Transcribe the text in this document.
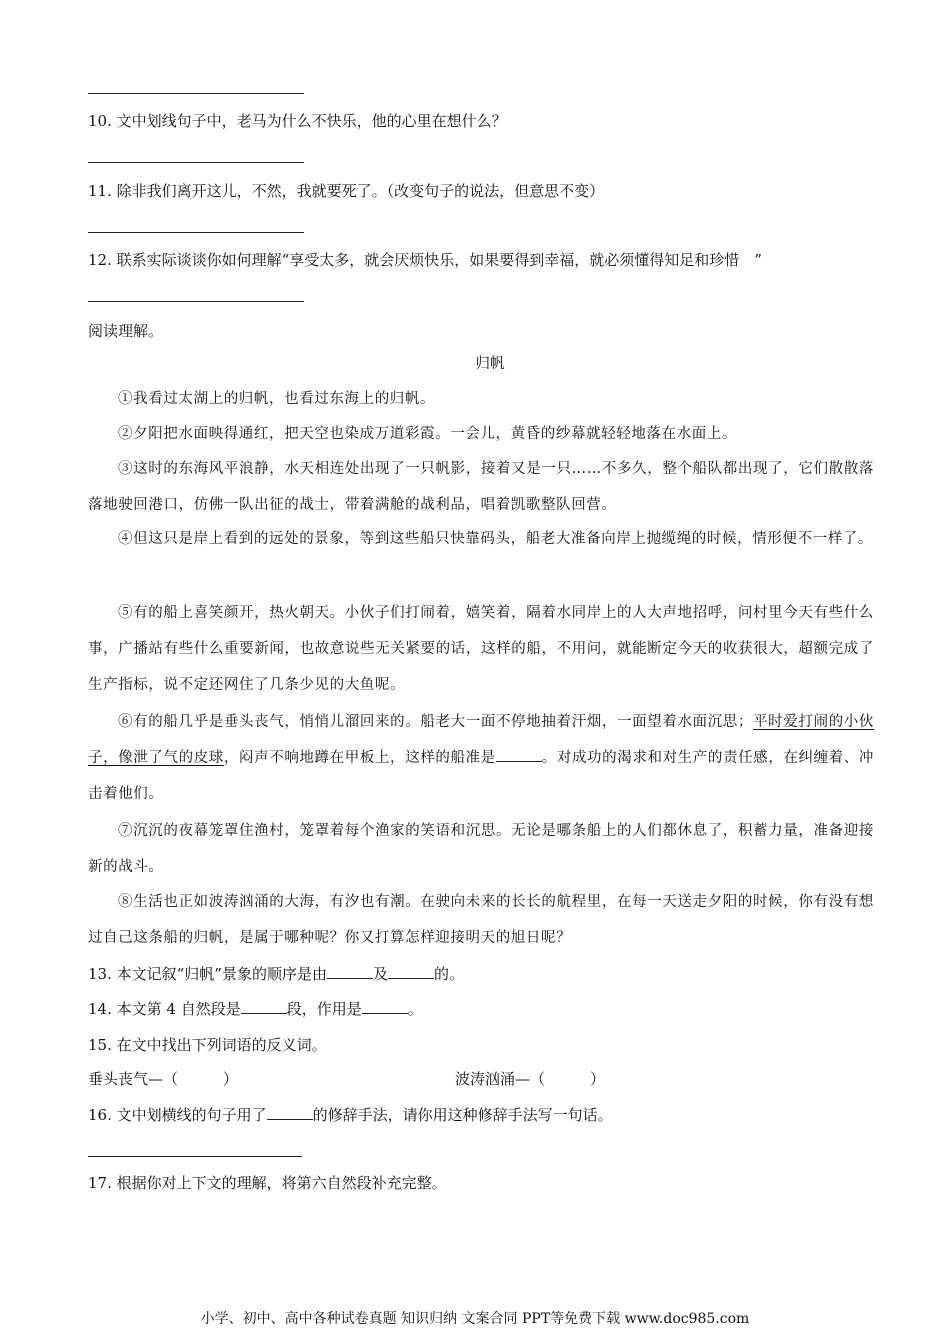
10. 文中划线句子中，老马为什么不快乐，他的心里在想什么？
11. 除非我们离开这儿，不然，我就要死了。（改变句子的说法，但意思不变）
12. 联系实际谈谈你如何理解“享受太多，就会厌烦快乐，如果要得到幸福，就必须懂得知足和珍惜　”
阅读理解。
归帆
①我看过太湖上的归帆，也看过东海上的归帆。
②夕阳把水面映得通红，把天空也染成万道彩霞。一会儿，黄昏的纱幕就轻轻地落在水面上。
③这时的东海风平浪静，水天相连处出现了一只帆影，接着又是一只……不多久，整个船队都出现了，它们散散落落地驶回港口，仿佛一队出征的战士，带着满舱的战利品，唱着凯歌整队回营。
④但这只是岸上看到的远处的景象，等到这些船只快靠码头，船老大准备向岸上抛缆绳的时候，情形便不一样了。
⑤有的船上喜笑颜开，热火朝天。小伙子们打闹着，嬉笑着，隔着水同岸上的人大声地招呼，问村里今天有些什么事，广播站有些什么重要新闻，也故意说些无关紧要的话，这样的船，不用问，就能断定今天的收获很大，超额完成了生产指标，说不定还网住了几条少见的大鱼呢。
⑥有的船几乎是垂头丧气，悄悄儿溜回来的。船老大一面不停地抽着汗烟，一面望着水面沉思；平时爱打闹的小伙子，像泄了气的皮球，闷声不响地蹲在甲板上，这样的船准是	。对成功的渴求和对生产的责任感，在纠缠着、冲击着他们。
⑦沉沉的夜幕笼罩住渔村，笼罩着每个渔家的笑语和沉思。无论是哪条船上的人们都休息了，积蓄力量，准备迎接新的战斗。
⑧生活也正如波涛汹涌的大海，有汐也有潮。在驶向未来的长长的航程里，在每一天送走夕阳的时候，你有没有想过自己这条船的归帆，是属于哪种呢？你又打算怎样迎接明天的旭日呢？
13. 本文记叙“归帆”景象的顺序是由	及	的。
14. 本文第 4 自然段是	段，作用是	。
15. 在文中找出下列词语的反义词。
垂头丧气—（　　　）	波涛汹涌—（　　　）
16. 文中划横线的句子用了	的修辞手法，请你用这种修辞手法写一句话。
17. 根据你对上下文的理解，将第六自然段补充完整。
小学、初中、高中各种试卷真题 知识归纳 文案合同 PPT等免费下载 www.doc985.com
